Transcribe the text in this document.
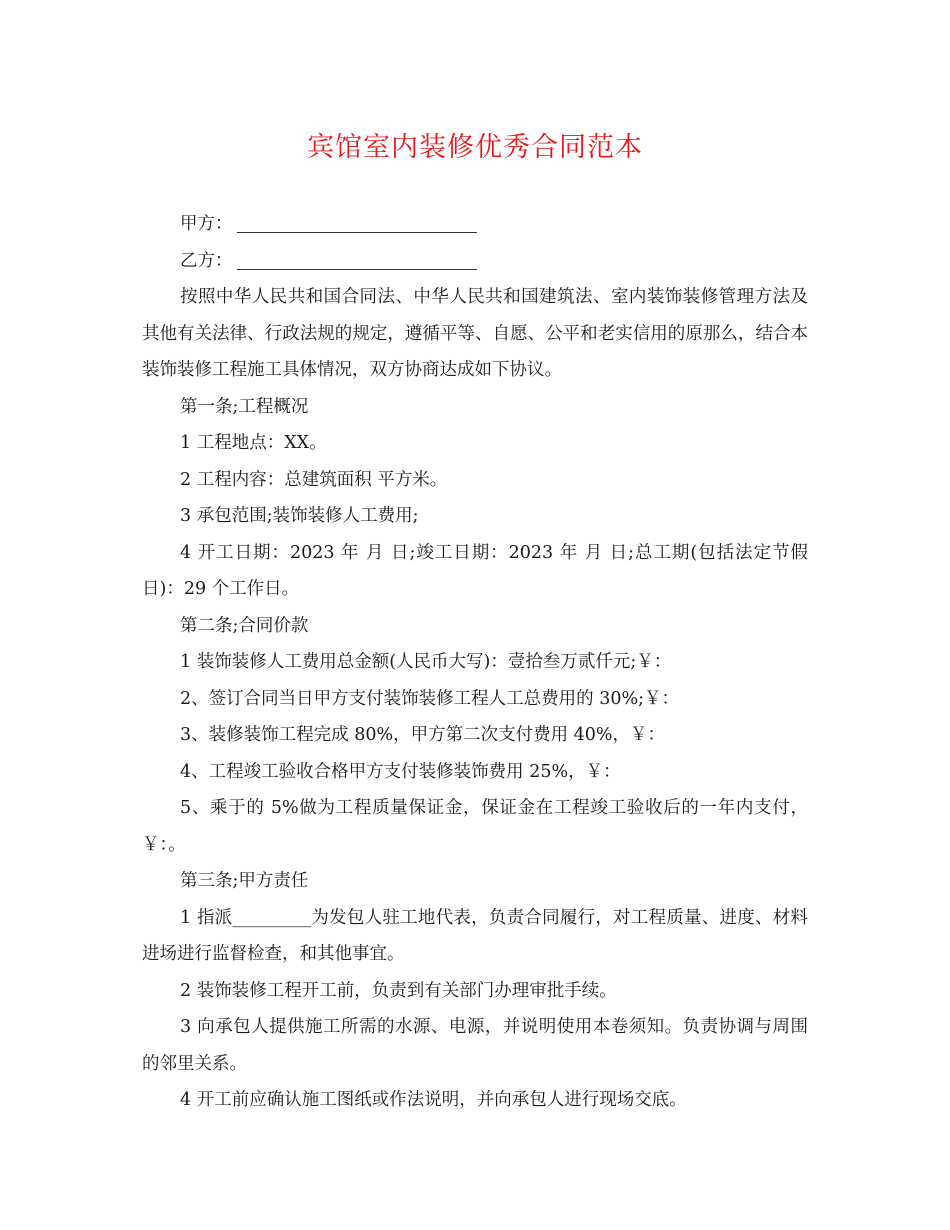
宾馆室内装修优秀合同范本

甲方：

乙方：

按照中华人民共和国合同法、中华人民共和国建筑法、室内装饰装修管理方法及其他有关法律、行政法规的规定，遵循平等、自愿、公平和老实信用的原那么，结合本装饰装修工程施工具体情况，双方协商达成如下协议。

第一条;工程概况

1 工程地点：XX。

2 工程内容：总建筑面积 平方米。

3 承包范围;装饰装修人工费用;

4 开工日期：2023 年 月 日;竣工日期：2023 年 月 日;总工期(包括法定节假日)：29 个工作日。

第二条;合同价款

1 装饰装修人工费用总金额(人民币大写)：壹拾叁万贰仟元;￥：

2、签订合同当日甲方支付装饰装修工程人工总费用的 30%;￥：

3、装修装饰工程完成 80%，甲方第二次支付费用 40%，￥：

4、工程竣工验收合格甲方支付装修装饰费用 25%，￥：

5、乘于的 5%做为工程质量保证金，保证金在工程竣工验收后的一年内支付，￥：。

第三条;甲方责任

1 指派_________为发包人驻工地代表，负责合同履行，对工程质量、进度、材料进场进行监督检查，和其他事宜。

2 装饰装修工程开工前，负责到有关部门办理审批手续。

3 向承包人提供施工所需的水源、电源，并说明使用本卷须知。负责协调与周围的邻里关系。

4 开工前应确认施工图纸或作法说明，并向承包人进行现场交底。
